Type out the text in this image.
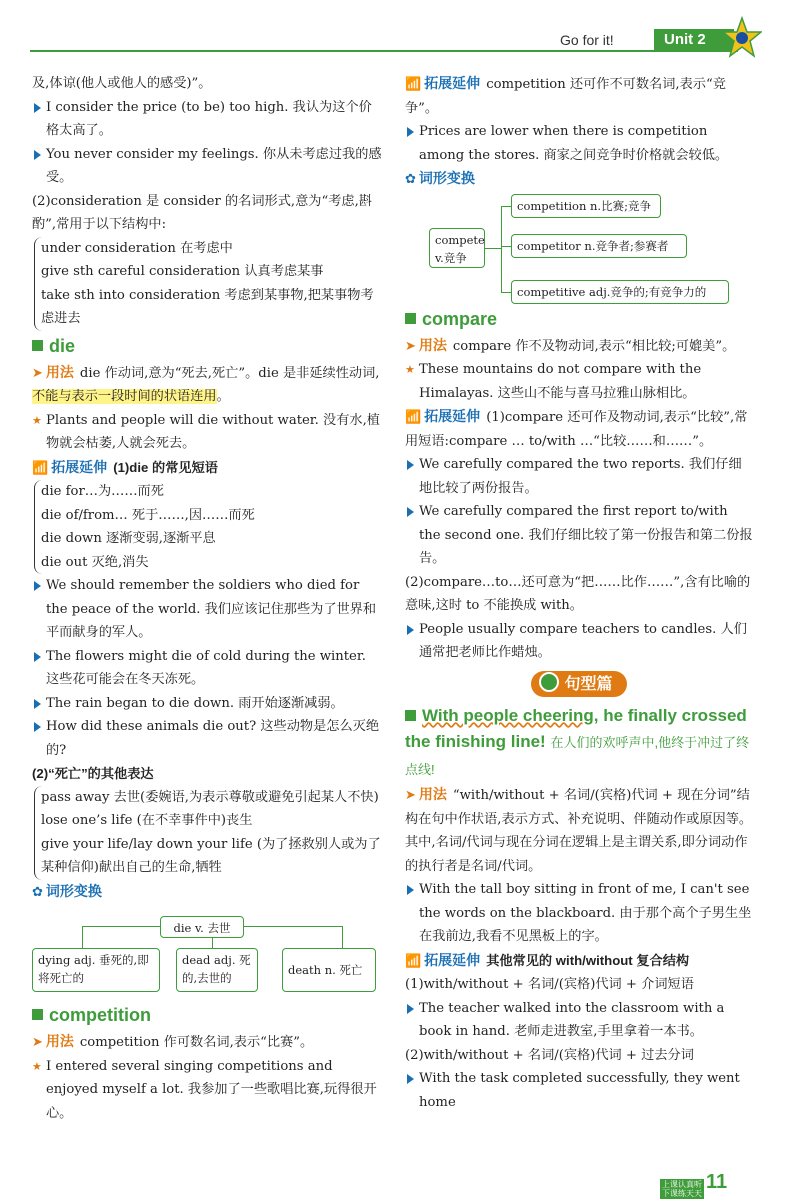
Go for it!	Unit 2

及,体谅(他人或他人的感受)”。

I consider the price (to be) too high. 我认为这个价格太高了。

You never consider my feelings. 你从未考虑过我的感受。

(2)consideration 是 consider 的名词形式,意为“考虑,斟酌”,常用于以下结构中:

under consideration 在考虑中

give sth careful consideration 认真考虑某事

take sth into consideration 考虑到某事物,把某事物考虑进去

die

➤ 用法 die 作动词,意为“死去,死亡”。die 是非延续性动词,不能与表示一段时间的状语连用。

★ Plants and people will die without water. 没有水,植物就会枯萎,人就会死去。

📶 拓展延伸 (1)die 的常见短语

die for…为……而死

die of/from… 死于……,因……而死

die down 逐渐变弱,逐渐平息

die out 灭绝,消失

We should remember the soldiers who died for the peace of the world. 我们应该记住那些为了世界和平而献身的军人。

The flowers might die of cold during the winter. 这些花可能会在冬天冻死。

The rain began to die down. 雨开始逐渐减弱。

How did these animals die out? 这些动物是怎么灭绝的?

(2)“死亡”的其他表达

pass away 去世(委婉语,为表示尊敬或避免引起某人不快)

lose one’s life (在不幸事件中)丧生

give your life/lay down your life (为了拯救别人或为了某种信仰)献出自己的生命,牺牲

✿ 词形变换

die v. 去世
dying adj. 垂死的,即将死亡的
dead adj. 死的,去世的
death n. 死亡
competition

➤ 用法 competition 作可数名词,表示“比赛”。

★ I entered several singing competitions and enjoyed myself a lot. 我参加了一些歌唱比赛,玩得很开心。

📶 拓展延伸 competition 还可作不可数名词,表示“竞争”。

Prices are lower when there is competition among the stores. 商家之间竞争时价格就会较低。

✿ 词形变换

compete v.竞争
competition n.比赛;竞争
competitor n.竞争者;参赛者
competitive adj.竞争的;有竞争力的
compare

➤ 用法 compare 作不及物动词,表示“相比较;可媲美”。

★ These mountains do not compare with the Himalayas. 这些山不能与喜马拉雅山脉相比。

📶 拓展延伸 (1)compare 还可作及物动词,表示“比较”,常用短语:compare … to/with …“比较……和……”。

We carefully compared the two reports. 我们仔细地比较了两份报告。

We carefully compared the first report to/with the second one. 我们仔细比较了第一份报告和第二份报告。

(2)compare…to…还可意为“把……比作……”,含有比喻的意味,这时 to 不能换成 with。

People usually compare teachers to candles. 人们通常把老师比作蜡烛。

句型篇

With people cheering, he finally crossed the finishing line! 在人们的欢呼声中,他终于冲过了终点线!

➤ 用法 “with/without + 名词/(宾格)代词 + 现在分词”结构在句中作状语,表示方式、补充说明、伴随动作或原因等。其中,名词/代词与现在分词在逻辑上是主谓关系,即分词动作的执行者是名词/代词。

With the tall boy sitting in front of me, I can't see the words on the blackboard. 由于那个高个子男生坐在我前边,我看不见黑板上的字。

📶 拓展延伸 其他常见的 with/without 复合结构

(1)with/without + 名词/(宾格)代词 + 介词短语

The teacher walked into the classroom with a book in hand. 老师走进教室,手里拿着一本书。

(2)with/without + 名词/(宾格)代词 + 过去分词

With the task completed successfully, they went home

上课认真听 下课练天天
11
